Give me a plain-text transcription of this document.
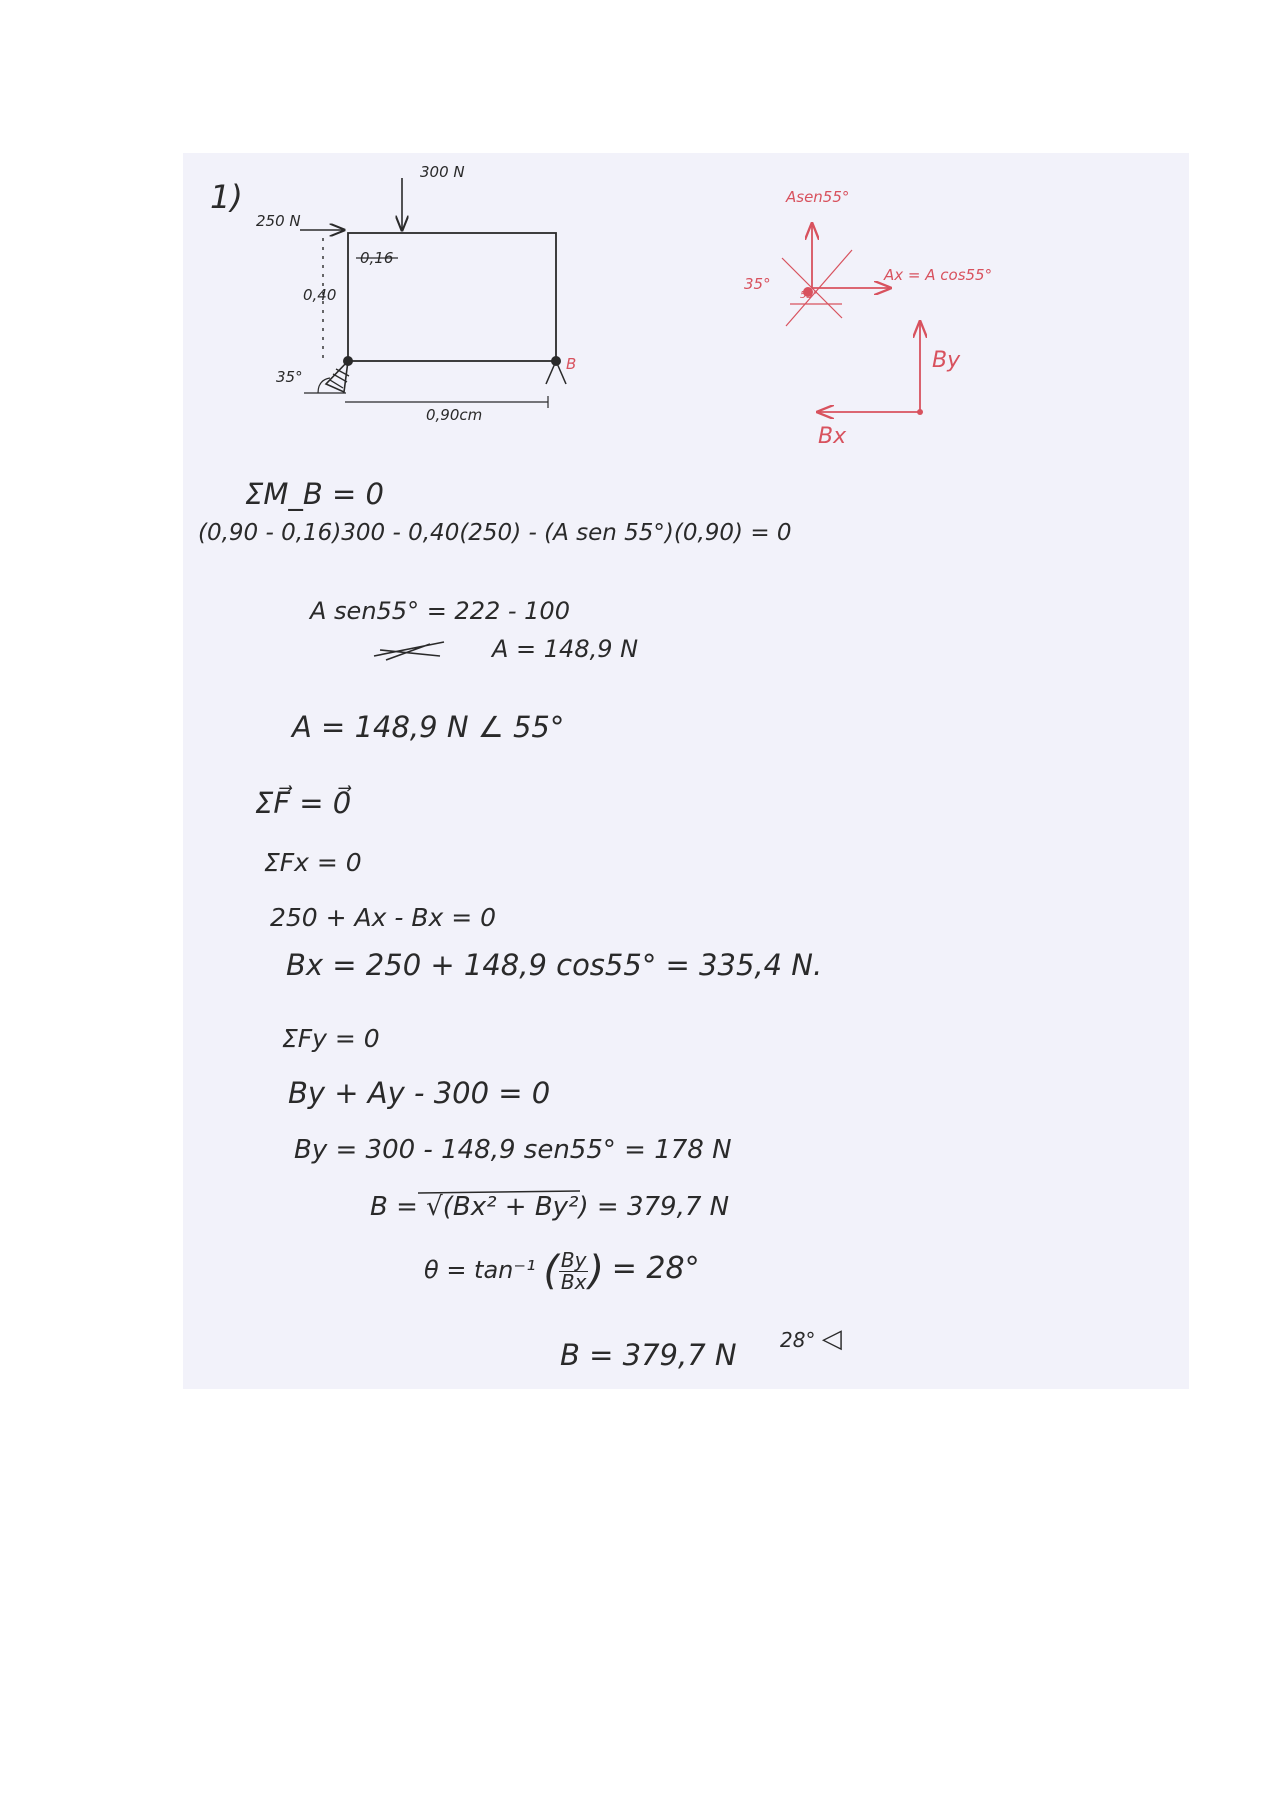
1)
300 N
250 N
0,16
0,40
0,90cm
35°
B
Asen55°
Ax = A cos55°
35°
55°
By
Bx
ΣM_B = 0
(0,90 - 0,16)300 - 0,40(250) - (A sen 55°)(0,90) = 0
A sen55° = 222 - 100
A = 148,9 N
A = 148,9 N ∠ 55°
ΣF⃗ = 0⃗
ΣFx = 0
250 + Ax - Bx = 0
Bx = 250 + 148,9 cos55° = 335,4 N.
ΣFy = 0
By + Ay - 300 = 0
By = 300 - 148,9 sen55° = 178 N
B = √(Bx² + By²) = 379,7 N
θ = tan⁻¹ ( $\frac{By}{Bx}$ ) = 28°
B = 379,7 N 28° ◁
